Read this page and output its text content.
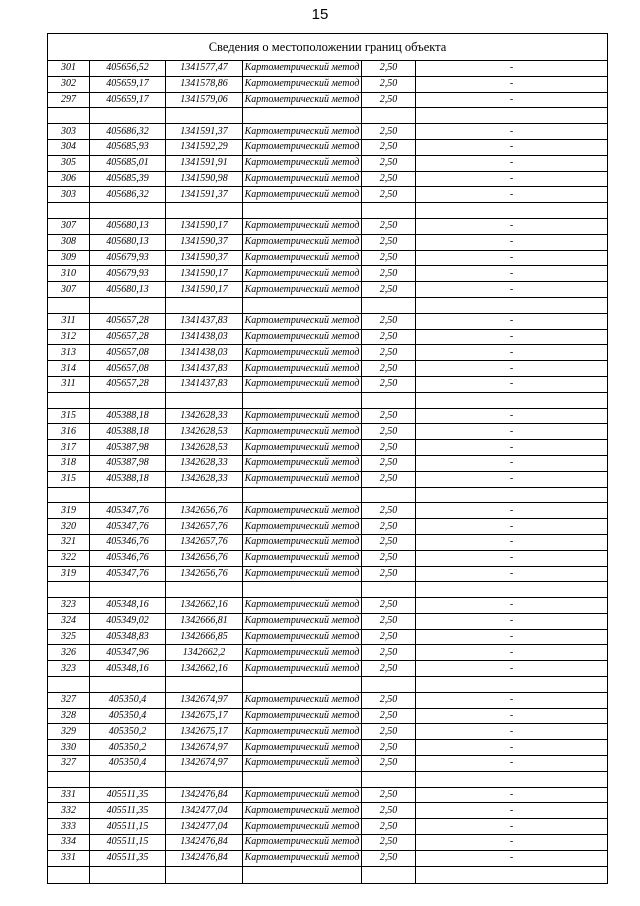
15
Сведения о местоположении границ объекта					
301	405656,52	1341577,47	Картометрический метод	2,50	-
302	405659,17	1341578,86	Картометрический метод	2,50	-
297	405659,17	1341579,06	Картометрический метод	2,50	-

303	405686,32	1341591,37	Картометрический метод	2,50	-
304	405685,93	1341592,29	Картометрический метод	2,50	-
305	405685,01	1341591,91	Картометрический метод	2,50	-
306	405685,39	1341590,98	Картометрический метод	2,50	-
303	405686,32	1341591,37	Картометрический метод	2,50	-

307	405680,13	1341590,17	Картометрический метод	2,50	-
308	405680,13	1341590,37	Картометрический метод	2,50	-
309	405679,93	1341590,37	Картометрический метод	2,50	-
310	405679,93	1341590,17	Картометрический метод	2,50	-
307	405680,13	1341590,17	Картометрический метод	2,50	-

311	405657,28	1341437,83	Картометрический метод	2,50	-
312	405657,28	1341438,03	Картометрический метод	2,50	-
313	405657,08	1341438,03	Картометрический метод	2,50	-
314	405657,08	1341437,83	Картометрический метод	2,50	-
311	405657,28	1341437,83	Картометрический метод	2,50	-

315	405388,18	1342628,33	Картометрический метод	2,50	-
316	405388,18	1342628,53	Картометрический метод	2,50	-
317	405387,98	1342628,53	Картометрический метод	2,50	-
318	405387,98	1342628,33	Картометрический метод	2,50	-
315	405388,18	1342628,33	Картометрический метод	2,50	-

319	405347,76	1342656,76	Картометрический метод	2,50	-
320	405347,76	1342657,76	Картометрический метод	2,50	-
321	405346,76	1342657,76	Картометрический метод	2,50	-
322	405346,76	1342656,76	Картометрический метод	2,50	-
319	405347,76	1342656,76	Картометрический метод	2,50	-

323	405348,16	1342662,16	Картометрический метод	2,50	-
324	405349,02	1342666,81	Картометрический метод	2,50	-
325	405348,83	1342666,85	Картометрический метод	2,50	-
326	405347,96	1342662,2	Картометрический метод	2,50	-
323	405348,16	1342662,16	Картометрический метод	2,50	-

327	405350,4	1342674,97	Картометрический метод	2,50	-
328	405350,4	1342675,17	Картометрический метод	2,50	-
329	405350,2	1342675,17	Картометрический метод	2,50	-
330	405350,2	1342674,97	Картометрический метод	2,50	-
327	405350,4	1342674,97	Картометрический метод	2,50	-

331	405511,35	1342476,84	Картометрический метод	2,50	-
332	405511,35	1342477,04	Картометрический метод	2,50	-
333	405511,15	1342477,04	Картометрический метод	2,50	-
334	405511,15	1342476,84	Картометрический метод	2,50	-
331	405511,35	1342476,84	Картометрический метод	2,50	-
